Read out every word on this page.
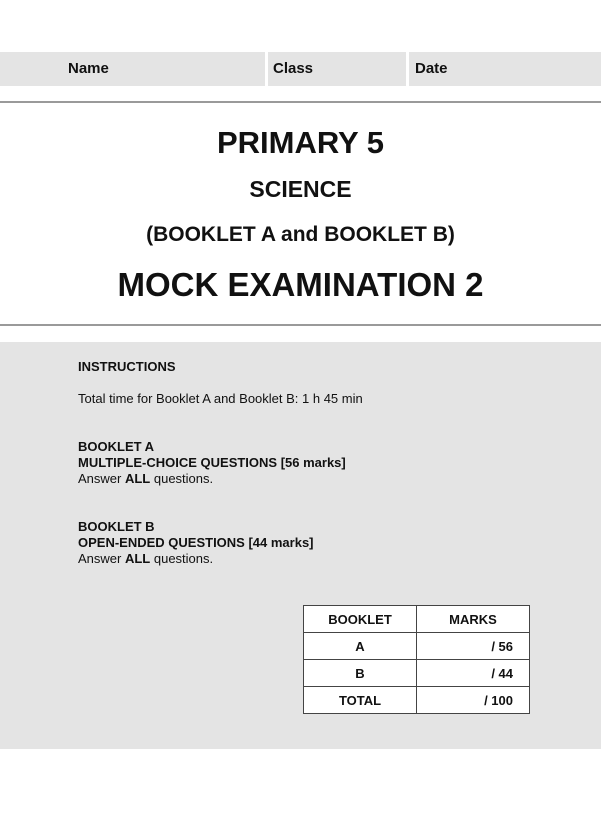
Name	Class	Date
PRIMARY 5
SCIENCE
(BOOKLET A and BOOKLET B)
MOCK EXAMINATION 2
INSTRUCTIONS
Total time for Booklet A and Booklet B: 1 h 45 min
BOOKLET A
MULTIPLE-CHOICE QUESTIONS [56 marks]
Answer ALL questions.
BOOKLET B
OPEN-ENDED QUESTIONS [44 marks]
Answer ALL questions.
BOOKLET	MARKS
A	/ 56
B	/ 44
TOTAL	/ 100
